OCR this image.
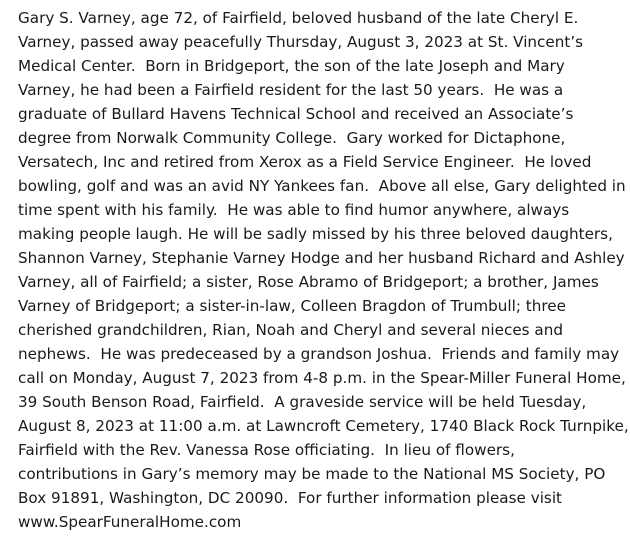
Gary S. Varney, age 72, of Fairfield, beloved husband of the late Cheryl E.
Varney, passed away peacefully Thursday, August 3, 2023 at St. Vincent’s
Medical Center.  Born in Bridgeport, the son of the late Joseph and Mary
Varney, he had been a Fairfield resident for the last 50 years.  He was a
graduate of Bullard Havens Technical School and received an Associate’s
degree from Norwalk Community College.  Gary worked for Dictaphone,
Versatech, Inc and retired from Xerox as a Field Service Engineer.  He loved
bowling, golf and was an avid NY Yankees fan.  Above all else, Gary delighted in
time spent with his family.  He was able to find humor anywhere, always
making people laugh. He will be sadly missed by his three beloved daughters,
Shannon Varney, Stephanie Varney Hodge and her husband Richard and Ashley
Varney, all of Fairfield; a sister, Rose Abramo of Bridgeport; a brother, James
Varney of Bridgeport; a sister-in-law, Colleen Bragdon of Trumbull; three
cherished grandchildren, Rian, Noah and Cheryl and several nieces and
nephews.  He was predeceased by a grandson Joshua.  Friends and family may
call on Monday, August 7, 2023 from 4-8 p.m. in the Spear-Miller Funeral Home,
39 South Benson Road, Fairfield.  A graveside service will be held Tuesday,
August 8, 2023 at 11:00 a.m. at Lawncroft Cemetery, 1740 Black Rock Turnpike,
Fairfield with the Rev. Vanessa Rose officiating.  In lieu of flowers,
contributions in Gary’s memory may be made to the National MS Society, PO
Box 91891, Washington, DC 20090.  For further information please visit
www.SpearFuneralHome.com
